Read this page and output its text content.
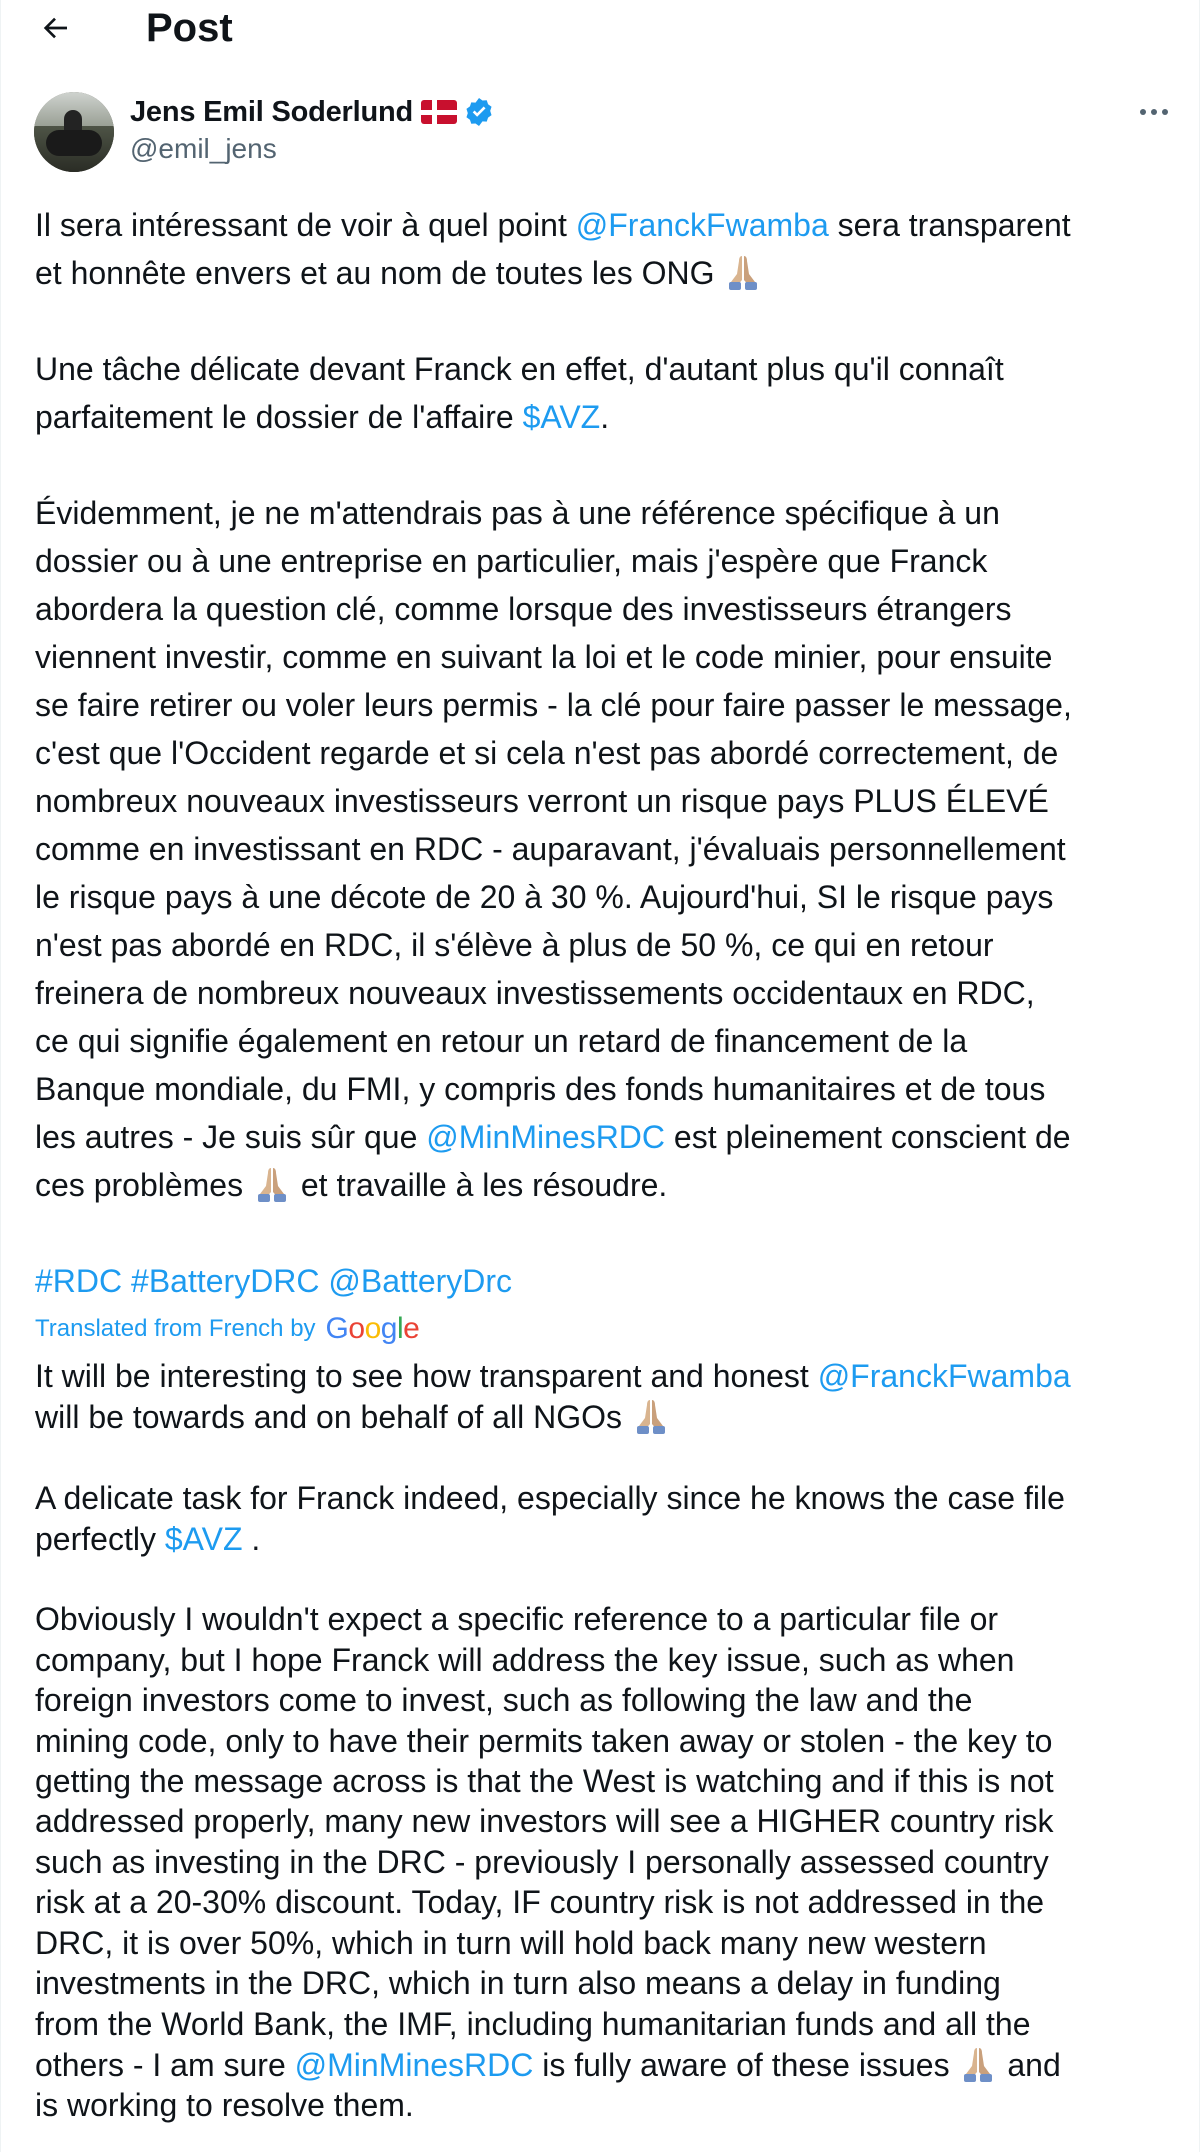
Post
Jens Emil Soderlund
@emil_jens
Il sera intéressant de voir à quel point @FranckFwamba sera transparent
et honnête envers et au nom de toutes les ONG

Une tâche délicate devant Franck en effet, d'autant plus qu'il connaît
parfaitement le dossier de l'affaire $AVZ.

Évidemment, je ne m'attendrais pas à une référence spécifique à un
dossier ou à une entreprise en particulier, mais j'espère que Franck
aborderа la question clé, comme lorsque des investisseurs étrangers
viennent investir, comme en suivant la loi et le code minier, pour ensuite
se faire retirer ou voler leurs permis - la clé pour faire passer le message,
c'est que l'Occident regarde et si cela n'est pas abordé correctement, de
nombreux nouveaux investisseurs verront un risque pays PLUS ÉLEVÉ
comme en investissant en RDC - auparavant, j'évaluais personnellement
le risque pays à une décote de 20 à 30 %. Aujourd'hui, SI le risque pays
n'est pas abordé en RDC, il s'élève à plus de 50 %, ce qui en retour
freinera de nombreux nouveaux investissements occidentaux en RDC,
ce qui signifie également en retour un retard de financement de la
Banque mondiale, du FMI, y compris des fonds humanitaires et de tous
les autres - Je suis sûr que @MinMinesRDC est pleinement conscient de
ces problèmes  et travaille à les résoudre.

#RDC #BatteryDRC @BatteryDrc
Translated from French by Google
It will be interesting to see how transparent and honest @FranckFwamba
will be towards and on behalf of all NGOs

A delicate task for Franck indeed, especially since he knows the case file
perfectly $AVZ .

Obviously I wouldn't expect a specific reference to a particular file or
company, but I hope Franck will address the key issue, such as when
foreign investors come to invest, such as following the law and the
mining code, only to have their permits taken away or stolen - the key to
getting the message across is that the West is watching and if this is not
addressed properly, many new investors will see a HIGHER country risk
such as investing in the DRC - previously I personally assessed country
risk at a 20-30% discount. Today, IF country risk is not addressed in the
DRC, it is over 50%, which in turn will hold back many new western
investments in the DRC, which in turn also means a delay in funding
from the World Bank, the IMF, including humanitarian funds and all the
others - I am sure @MinMinesRDC is fully aware of these issues  and
is working to resolve them.
